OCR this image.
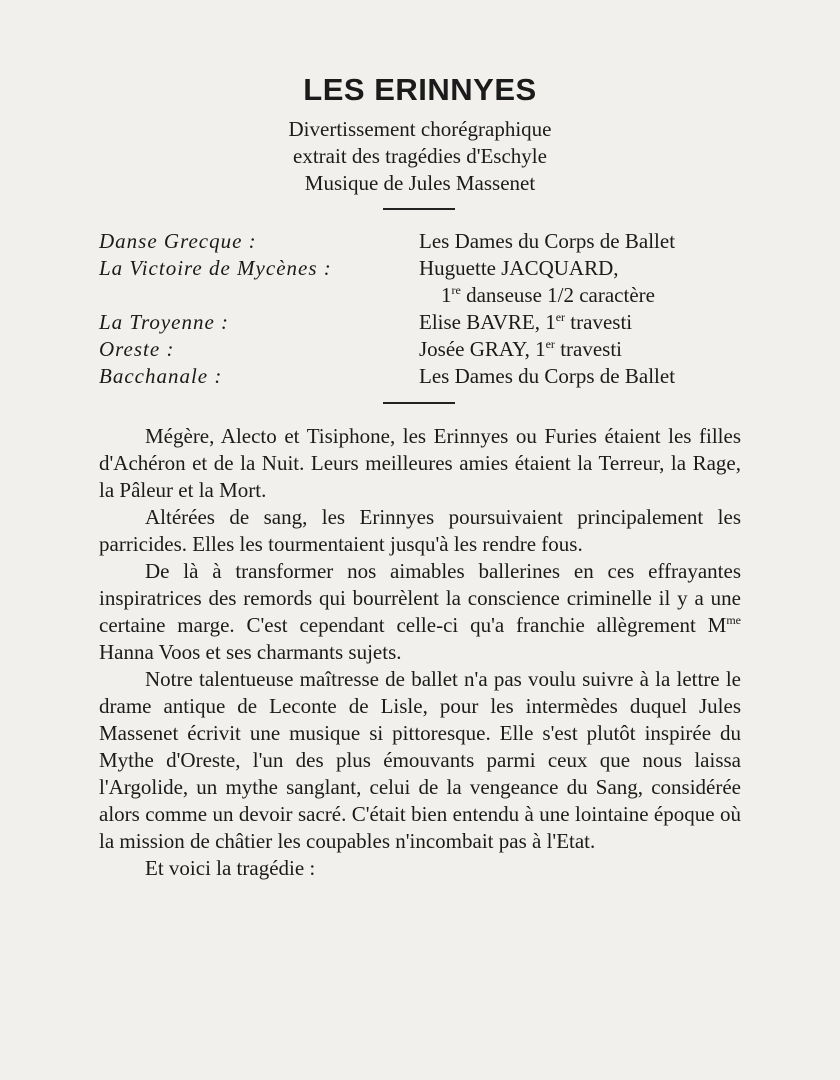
LES ERINNYES
Divertissement chorégraphique
extrait des tragédies d'Eschyle
Musique de Jules Massenet
Danse Grecque :	Les Dames du Corps de Ballet
La Victoire de Mycènes :	Huguette JACQUARD,
1re danseuse 1/2 caractère
La Troyenne :	Elise BAVRE, 1er travesti
Oreste :	Josée GRAY, 1er travesti
Bacchanale :	Les Dames du Corps de Ballet

Mégère, Alecto et Tisiphone, les Erinnyes ou Furies étaient les filles d'Achéron et de la Nuit. Leurs meilleures amies étaient la Terreur, la Rage, la Pâleur et la Mort.

Altérées de sang, les Erinnyes poursuivaient principalement les parricides. Elles les tourmentaient jusqu'à les rendre fous.

De là à transformer nos aimables ballerines en ces effrayantes inspiratrices des remords qui bourrèlent la conscience criminelle il y a une certaine marge. C'est cependant celle-ci qu'a franchie allègrement $M^{me}$ Hanna Voos et ses charmants sujets.

Notre talentueuse maîtresse de ballet n'a pas voulu suivre à la lettre le drame antique de Leconte de Lisle, pour les intermèdes duquel Jules Massenet écrivit une musique si pittoresque. Elle s'est plutôt inspirée du Mythe d'Oreste, l'un des plus émouvants parmi ceux que nous laissa l'Argolide, un mythe sanglant, celui de la vengeance du Sang, considérée alors comme un devoir sacré. C'était bien entendu à une lointaine époque où la mission de châtier les coupables n'incombait pas à l'Etat.

Et voici la tragédie :
